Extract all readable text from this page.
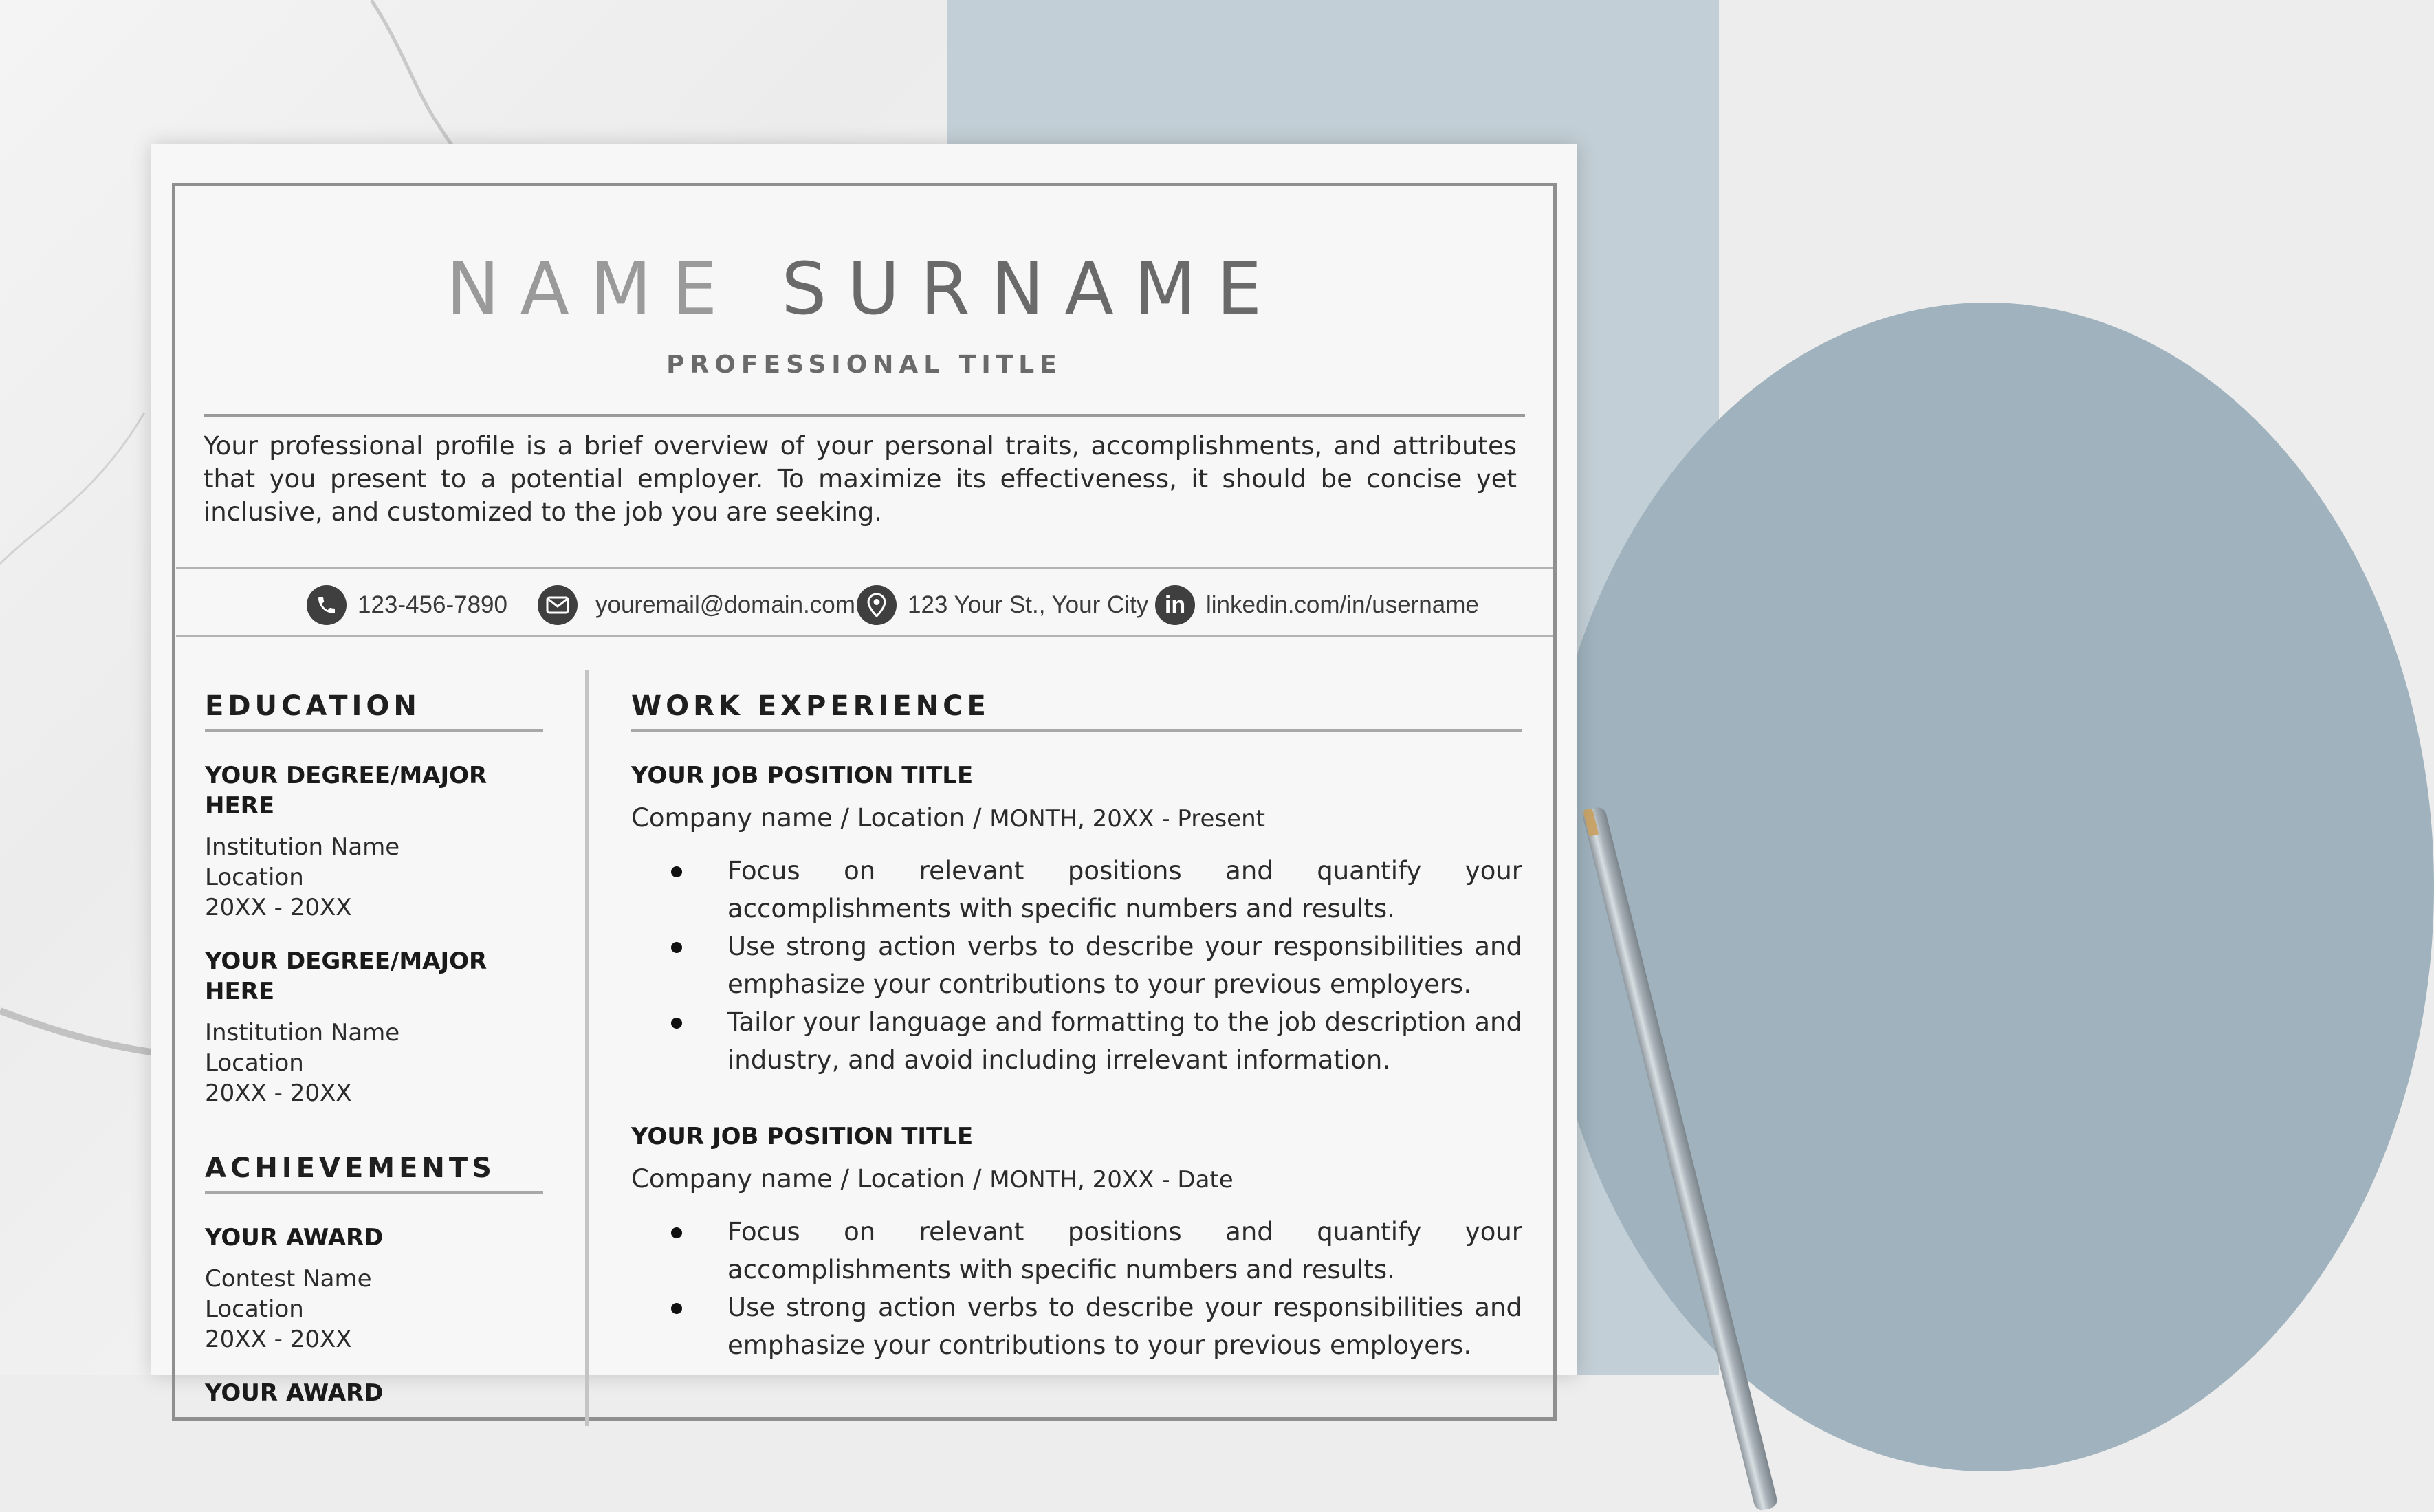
NAME SURNAME
PROFESSIONAL TITLE
Your professional profile is a brief overview of your personal traits, accomplishments, and attributes that you present to a potential employer. To maximize its effectiveness, it should be concise yet inclusive, and customized to the job you are seeking.
123-456-7890	youremail@domain.com 123 Your St., Your City in linkedin.com/in/username
EDUCATION
YOUR DEGREE/MAJOR HERE
Institution Name
Location
20XX - 20XX
YOUR DEGREE/MAJOR HERE
Institution Name
Location
20XX - 20XX
ACHIEVEMENTS
YOUR AWARD
Contest Name
Location
20XX - 20XX
YOUR AWARD
WORK EXPERIENCE
YOUR JOB POSITION TITLE
Company name / Location / MONTH, 20XX - Present
Focus on relevant positions and quantify your accomplishments with specific numbers and results.
Use strong action verbs to describe your responsibilities and emphasize your contributions to your previous employers.
Tailor your language and formatting to the job description and industry, and avoid including irrelevant information.
YOUR JOB POSITION TITLE
Company name / Location / MONTH, 20XX - Date
Focus on relevant positions and quantify your accomplishments with specific numbers and results.
Use strong action verbs to describe your responsibilities and emphasize your contributions to your previous employers.
